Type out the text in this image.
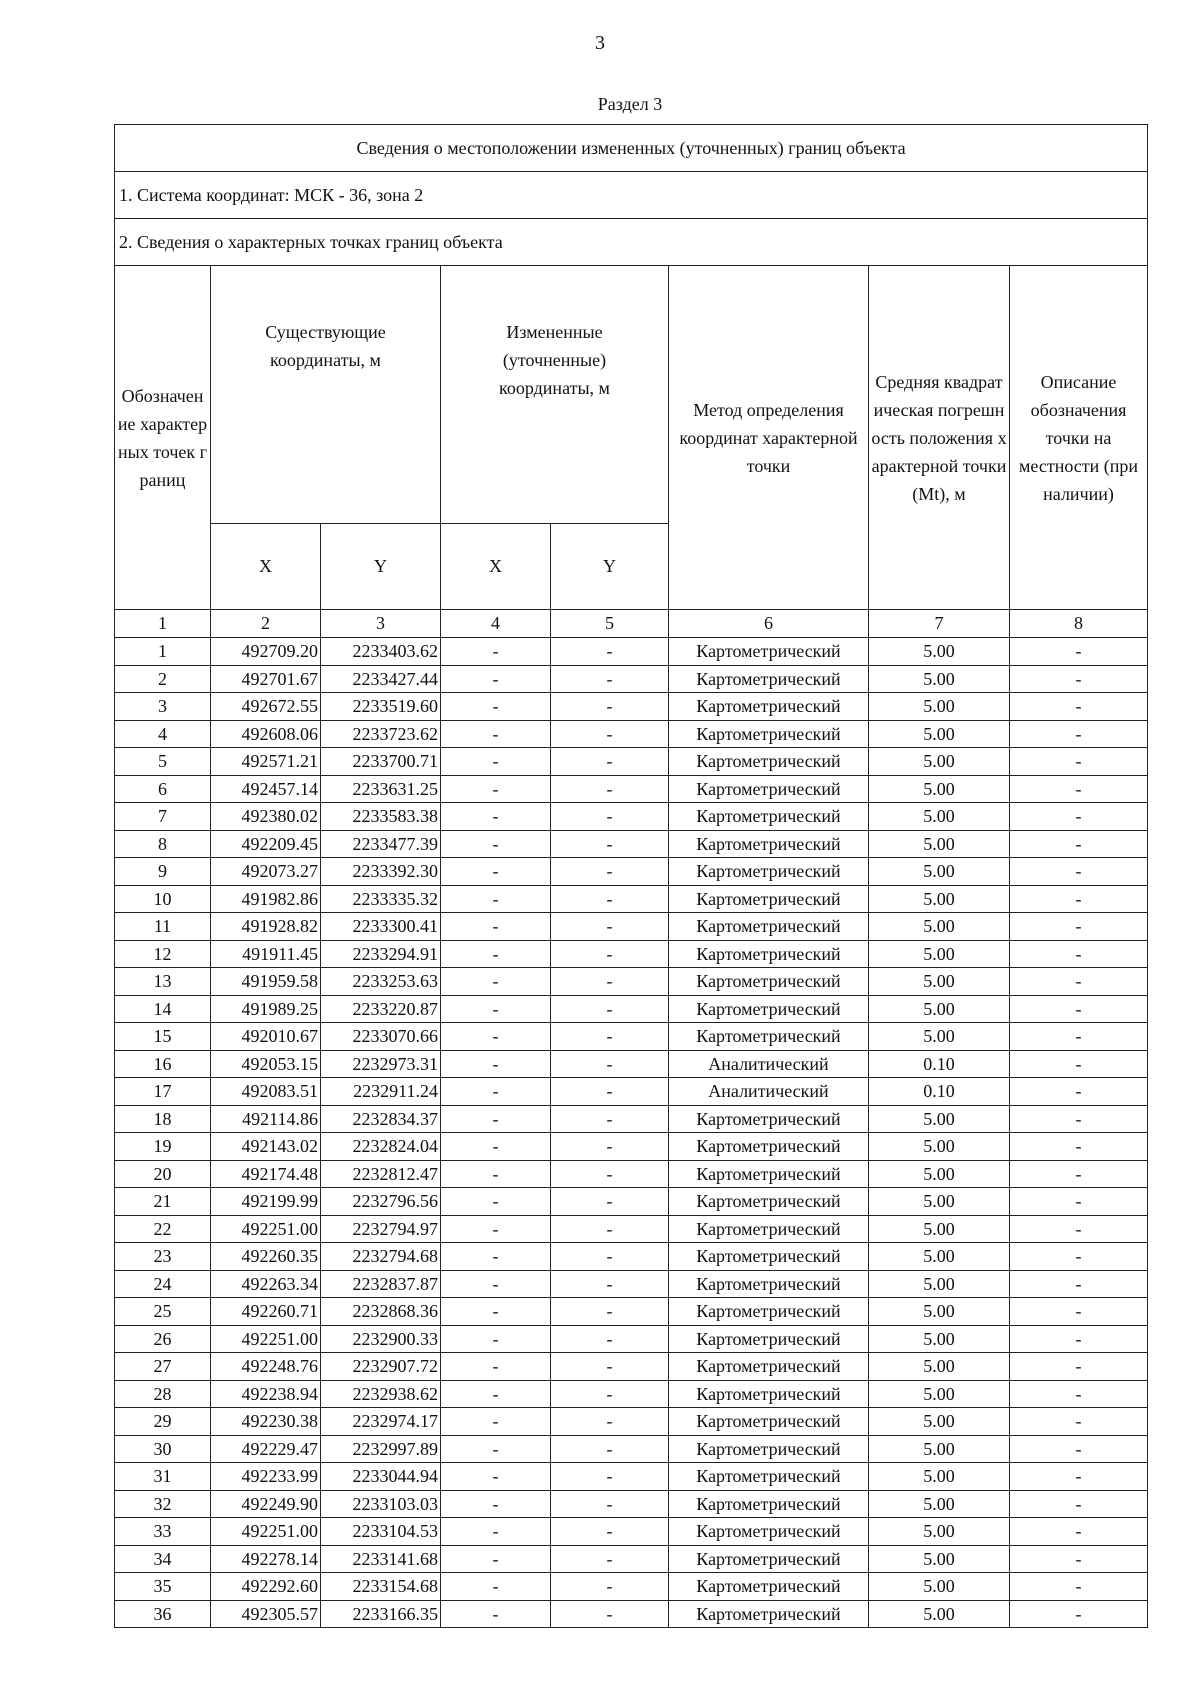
3
Раздел 3
Сведения о местоположении измененных (уточненных) границ объекта							
1. Система координат: МСК - 36, зона 2							
2. Сведения о характерных точках границ объекта							
Обозначение характерных точек границ	Существующие координаты, м		Измененные (уточненные) координаты, м		Метод определения координат характерной точки	Средняя квадратическая погрешность положения характерной точки (Mt), м	Описание обозначения точки на местности (при наличии)
	X	Y	X	Y			
1	2	3	4	5	6	7	8
1	492709.20	2233403.62	-	-	Картометрический	5.00	-
2	492701.67	2233427.44	-	-	Картометрический	5.00	-
3	492672.55	2233519.60	-	-	Картометрический	5.00	-
4	492608.06	2233723.62	-	-	Картометрический	5.00	-
5	492571.21	2233700.71	-	-	Картометрический	5.00	-
6	492457.14	2233631.25	-	-	Картометрический	5.00	-
7	492380.02	2233583.38	-	-	Картометрический	5.00	-
8	492209.45	2233477.39	-	-	Картометрический	5.00	-
9	492073.27	2233392.30	-	-	Картометрический	5.00	-
10	491982.86	2233335.32	-	-	Картометрический	5.00	-
11	491928.82	2233300.41	-	-	Картометрический	5.00	-
12	491911.45	2233294.91	-	-	Картометрический	5.00	-
13	491959.58	2233253.63	-	-	Картометрический	5.00	-
14	491989.25	2233220.87	-	-	Картометрический	5.00	-
15	492010.67	2233070.66	-	-	Картометрический	5.00	-
16	492053.15	2232973.31	-	-	Аналитический	0.10	-
17	492083.51	2232911.24	-	-	Аналитический	0.10	-
18	492114.86	2232834.37	-	-	Картометрический	5.00	-
19	492143.02	2232824.04	-	-	Картометрический	5.00	-
20	492174.48	2232812.47	-	-	Картометрический	5.00	-
21	492199.99	2232796.56	-	-	Картометрический	5.00	-
22	492251.00	2232794.97	-	-	Картометрический	5.00	-
23	492260.35	2232794.68	-	-	Картометрический	5.00	-
24	492263.34	2232837.87	-	-	Картометрический	5.00	-
25	492260.71	2232868.36	-	-	Картометрический	5.00	-
26	492251.00	2232900.33	-	-	Картометрический	5.00	-
27	492248.76	2232907.72	-	-	Картометрический	5.00	-
28	492238.94	2232938.62	-	-	Картометрический	5.00	-
29	492230.38	2232974.17	-	-	Картометрический	5.00	-
30	492229.47	2232997.89	-	-	Картометрический	5.00	-
31	492233.99	2233044.94	-	-	Картометрический	5.00	-
32	492249.90	2233103.03	-	-	Картометрический	5.00	-
33	492251.00	2233104.53	-	-	Картометрический	5.00	-
34	492278.14	2233141.68	-	-	Картометрический	5.00	-
35	492292.60	2233154.68	-	-	Картометрический	5.00	-
36	492305.57	2233166.35	-	-	Картометрический	5.00	-
